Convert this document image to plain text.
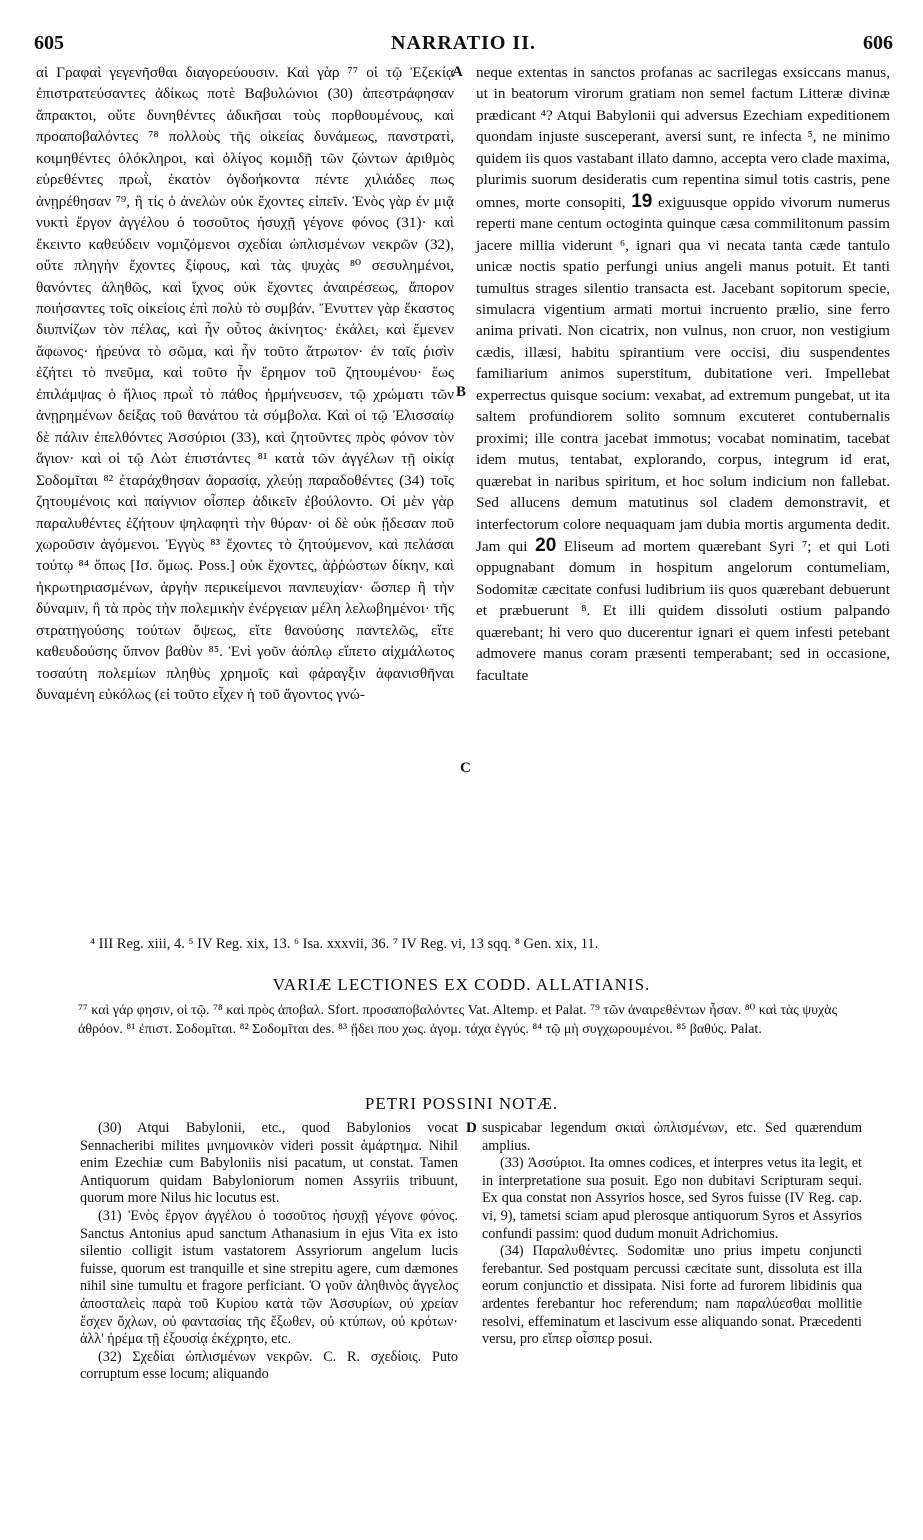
605	NARRATIO II.	606
αἱ Γραφαὶ γεγενῆσθαι διαγορεύουσιν. Καὶ γὰρ ⁷⁷ οἱ τῷ Ἐζεκίᾳ ἐπιστρατεύσαντες ἀδίκως ποτὲ Βαβυλώνιοι (30) ἀπεστράφησαν ἄπρακτοι, οὔτε δυνηθέντες ἀδικῆσαι τοὺς πορθουμένους, καὶ προαποβαλόντες ⁷⁸ πολλοὺς τῆς οἰκείας δυνάμεως, πανστρατὶ, κοιμηθέντες ὁλόκληροι, καὶ ὀλίγος κομιδῇ τῶν ζώντων ἀριθμὸς εὑρεθέντες πρωῒ, ἑκατὸν ὀγδοήκοντα πέντε χιλιάδες πως ἀνῃρέθησαν ⁷⁹, ἢ τίς ὁ ἀνελὼν οὐκ ἔχοντες εἰπεῖν. Ἑνὸς γὰρ ἐν μιᾷ νυκτὶ ἔργον ἀγγέλου ὁ τοσοῦτος ἡσυχῇ γέγονε φόνος (31)· καὶ ἔκειντο καθεύδειν νομιζόμενοι σχεδίαι ὡπλισμένων νεκρῶν (32), οὔτε πληγὴν ἔχοντες ξίφους, καὶ τὰς ψυχὰς ⁸⁰ σεσυλημένοι, θανόντες ἀληθῶς, καὶ ἴχνος οὐκ ἔχοντες ἀναιρέσεως, ἄπορον ποιήσαντες τοῖς οἰκείοις ἐπὶ πολὺ τὸ συμβάν. Ἔνυττεν γὰρ ἕκαστος διυπνίζων τὸν πέλας, καὶ ἦν οὗτος ἀκίνητος· ἐκάλει, καὶ ἔμενεν ἄφωνος· ἠρεύνα τὸ σῶμα, καὶ ἦν τοῦτο ἄτρωτον· ἐν ταῖς ῥισὶν ἐζήτει τὸ πνεῦμα, καὶ τοῦτο ἦν ἔρημον τοῦ ζητουμένου· ἕως ἐπιλάμψας ὁ ἥλιος πρωῒ τὸ πάθος ἡρμήνευσεν, τῷ χρώματι τῶν ἀνῃρημένων δείξας τοῦ θανάτου τὰ σύμβολα. Καὶ οἱ τῷ Ἐλισσαίῳ δὲ πάλιν ἐπελθόντες Ἀσσύριοι (33), καὶ ζητοῦντες πρὸς φόνον τὸν ἅγιον· καὶ οἱ τῷ Λὼτ ἐπιστάντες ⁸¹ κατὰ τῶν ἀγγέλων τῇ οἰκίᾳ Σοδομῖται ⁸² ἐταράχθησαν ἀορασίᾳ, χλεύῃ παραδοθέντες (34) τοῖς ζητουμένοις καὶ παίγνιον οἷσπερ ἀδικεῖν ἐβούλοντο. Οἱ μὲν γὰρ παραλυθέντες ἐζήτουν ψηλαφητὶ τὴν θύραν· οἱ δὲ οὐκ ᾔδεσαν ποῦ χωροῦσιν ἀγόμενοι. Ἐγγὺς ⁸³ ἔχοντες τὸ ζητούμενον, καὶ πελάσαι τούτῳ ⁸⁴ ὅπως [Ισ. ὅμως. Poss.] οὐκ ἔχοντες, ἀῤῥώστων δίκην, καὶ ἠκρωτηριασμένων, ἀργὴν περικείμενοι πανπευχίαν· ὥσπερ ἢ τὴν δύναμιν, ἢ τὰ πρὸς τὴν πολεμικὴν ἐνέργειαν μέλη λελωβημένοι· τῆς στρατηγούσης τούτων ὄψεως, εἴτε θανούσης παντελῶς, εἴτε καθευδούσης ὕπνον βαθὺν ⁸⁵. Ἑνὶ γοῦν ἀόπλῳ εἵπετο αἰχμάλωτος τοσαύτη πολεμίων πληθὺς χρημοῖς καὶ φάραγξιν ἀφανισθῆναι δυναμένη εὐκόλως (εἰ τοῦτο εἶχεν ἡ τοῦ ἄγοντος γνώ-
A
B
C
neque extentas in sanctos profanas ac sacrilegas exsiccans manus, ut in beatorum virorum gratiam non semel factum Litteræ divinæ prædicant ⁴? Atqui Babylonii qui adversus Ezechiam expeditionem quondam injuste susceperant, aversi sunt, re infecta ⁵, ne minimo quidem iis quos vastabant illato damno, accepta vero clade maxima, plurimis suorum desideratis cum repentina simul totis castris, pene omnes, morte consopiti, 19 exiguusque oppido vivorum numerus reperti mane centum octoginta quinque cæsa commilitonum passim jacere millia viderunt ⁶, ignari qua vi necata tanta cæde tantulo unicæ noctis spatio perfungi unius angeli manus potuit. Et tanti tumultus strages silentio transacta est. Jacebant sopitorum specie, simulacra vigentium armati mortui incruento prælio, sine ferro anima privati. Non cicatrix, non vulnus, non cruor, non vestigium cædis, illæsi, habitu spirantium vere occisi, diu suspendentes familiarium animos superstitum, dubitatione veri. Impellebat experrectus quisque socium: vexabat, ad extremum pungebat, ut ita saltem profundiorem solito somnum excuteret contubernalis proximi; ille contra jacebat immotus; vocabat nominatim, tacebat idem mutus, tentabat, explorando, corpus, integrum id erat, quærebat in naribus spiritum, et hoc solum indicium non fallebat. Sed allucens demum matutinus sol cladem demonstravit, et interfectorum colore nequaquam jam dubia mortis argumenta dedit. Jam qui 20 Eliseum ad mortem quærebant Syri ⁷; et qui Loti oppugnabant domum in hospitum angelorum contumeliam, Sodomitæ cæcitate confusi ludibrium iis quos quærebant debuerunt et præbuerunt ⁸. Et illi quidem dissoluti ostium palpando quærebant; hi vero quo ducerentur ignari ei quem infesti petebant admovere manus coram præsenti temperabant; sed in occasione, facultate
⁴ III Reg. xiii, 4. ⁵ IV Reg. xix, 13. ⁶ Isa. xxxvii, 36. ⁷ IV Reg. vi, 13 sqq. ⁸ Gen. xix, 11.
VARIÆ LECTIONES EX CODD. ALLATIANIS.
⁷⁷ καὶ γάρ φησιν, οἱ τῷ. ⁷⁸ καὶ πρὸς ἀποβαλ. Sfort. προσαποβαλόντες Vat. Altemp. et Palat. ⁷⁹ τῶν ἀναιρεθέντων ἦσαν. ⁸⁰ καὶ τὰς ψυχὰς ἀθρόον. ⁸¹ ἐπιστ. Σοδομῖται. ⁸² Σοδομῖται des. ⁸³ ᾔδει που χως. ἀγομ. τάχα ἐγγύς. ⁸⁴ τῷ μὴ συγχωρουμένοι. ⁸⁵ βαθύς. Palat.
PETRI POSSINI NOTÆ.
D
(30) Atqui Babylonii, etc., quod Babylonios vocat Sennacheribi milites μνημονικὸν videri possit ἁμάρτημα. Nihil enim Ezechiæ cum Babyloniis nisi pacatum, ut constat. Tamen Antiquorum quidam Babyloniorum nomen Assyriis tribuunt, quorum more Nilus hic locutus est.
(31) Ἑνὸς ἔργον ἀγγέλου ὁ τοσοῦτος ἡσυχῇ γέγονε φόνος. Sanctus Antonius apud sanctum Athanasium in ejus Vita ex isto silentio colligit istum vastatorem Assyriorum angelum lucis fuisse, quorum est tranquille et sine strepitu agere, cum dæmones nihil sine tumultu et fragore perficiant. Ὁ γοῦν ἀληθινὸς ἄγγελος ἀποσταλεὶς παρὰ τοῦ Κυρίου κατὰ τῶν Ἀσσυρίων, οὐ χρείαν ἔσχεν ὄχλων, οὐ φαντασίας τῆς ἔξωθεν, οὐ κτύπων, οὐ κρότων· ἀλλ' ἠρέμα τῇ ἐξουσίᾳ ἐκέχρητο, etc.
(32) Σχεδίαι ὡπλισμένων νεκρῶν. C. R. σχεδίοις. Puto corruptum esse locum; aliquando
suspicabar legendum σκιαὶ ὡπλισμένων, etc. Sed quærendum amplius.
(33) Ἀσσύριοι. Ita omnes codices, et interpres vetus ita legit, et in interpretatione sua posuit. Ego non dubitavi Scripturam sequi. Ex qua constat non Assyrios hosce, sed Syros fuisse (IV Reg. cap. vi, 9), tametsi sciam apud plerosque antiquorum Syros et Assyrios confundi passim: quod dudum monuit Adrichomius.
(34) Παραλυθέντες. Sodomitæ uno prius impetu conjuncti ferebantur. Sed postquam percussi cæcitate sunt, dissoluta est illa eorum conjunctio et dissipata. Nisi forte ad furorem libidinis qua ardentes ferebantur hoc referendum; nam παραλύεσθαι mollitie resolvi, effeminatum et lascivum esse aliquando sonat. Præcedenti versu, pro εἴπερ οἷσπερ posui.
